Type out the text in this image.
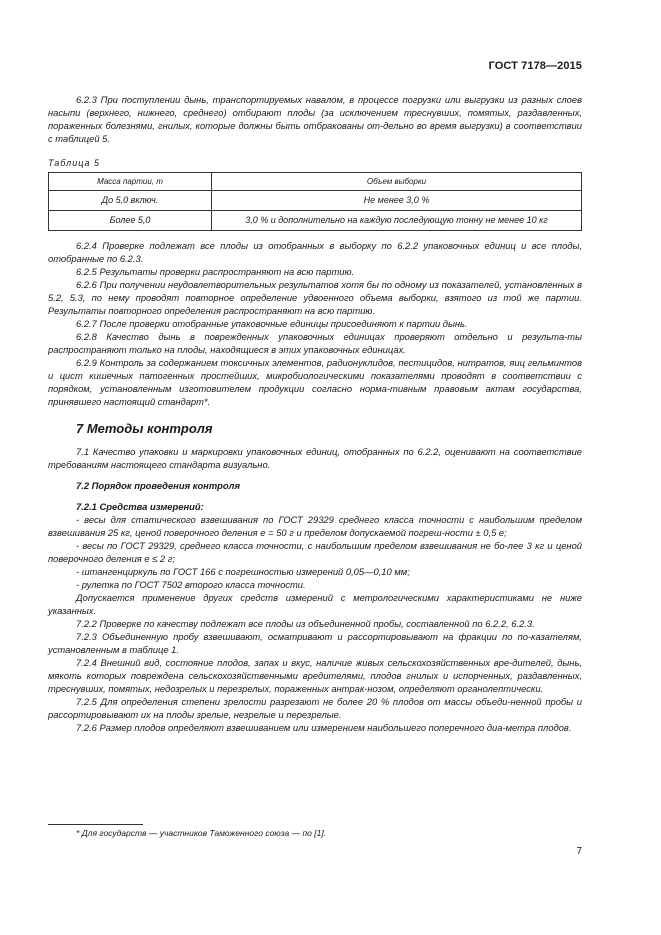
ГОСТ 7178—2015

6.2.3 При поступлении дынь, транспортируемых навалом, в процессе погрузки или выгрузки из разных слоев насыпи (верхнего, нижнего, среднего) отбирают плоды (за исключением треснувших, помятых, раздавленных, пораженных болезнями, гнилых, которые должны быть отбракованы от-дельно во время выгрузки) в соответствии с таблицей 5.

Таблица 5

Масса партии, т	Объем выборки
До 5,0 включ.	Не менее 3,0 %
Более 5,0	3,0 % и дополнительно на каждую последующую тонну не менее 10 кг

6.2.4 Проверке подлежат все плоды из отобранных в выборку по 6.2.2 упаковочных единиц и все плоды, отобранные по 6.2.3.

6.2.5 Результаты проверки распространяют на всю партию.

6.2.6 При получении неудовлетворительных результатов хотя бы по одному из показателей, установленных в 5.2, 5.3, по нему проводят повторное определение удвоенного объема выборки, взятого из той же партии. Результаты повторного определения распространяют на всю партию.

6.2.7 После проверки отобранные упаковочные единицы присоединяют к партии дынь.

6.2.8 Качество дынь в поврежденных упаковочных единицах проверяют отдельно и результа-ты распространяют только на плоды, находящиеся в этих упаковочных единицах.

6.2.9 Контроль за содержанием токсичных элементов, радионуклидов, пестицидов, нитратов, яиц гельминтов и цист кишечных патогенных простейших, микробиологическими показателями проводят в соответствии с порядком, установленным изготовителем продукции согласно норма-тивным правовым актам государства, принявшего настоящий стандарт*.

7 Методы контроля

7.1 Качество упаковки и маркировки упаковочных единиц, отобранных по 6.2.2, оценивают на соответствие требованиям настоящего стандарта визуально.

7.2 Порядок проведения контроля

7.2.1 Средства измерений:

- весы для статического взвешивания по ГОСТ 29329 среднего класса точности с наибольшим пределом взвешивания 25 кг, ценой поверочного деления е = 50 г и пределом допускаемой погреш-ности ± 0,5 е;

- весы по ГОСТ 29329, среднего класса точности, с наибольшим пределом взвешивания не бо-лее 3 кг и ценой поверочного деления е ≤ 2 г;

- штангенциркуль по ГОСТ 166 с погрешностью измерений 0,05—0,10 мм;

- рулетка по ГОСТ 7502 второго класса точности.

Допускается применение других средств измерений с метрологическими характеристиками не ниже указанных.

7.2.2 Проверке по качеству подлежат все плоды из объединенной пробы, составленной по 6.2.2, 6.2.3.

7.2.3 Объединенную пробу взвешивают, осматривают и рассортировывают на фракции по по-казателям, установленным в таблице 1.

7.2.4 Внешний вид, состояние плодов, запах и вкус, наличие живых сельскохозяйственных вре-дителей, дынь, мякоть которых повреждена сельскохозяйственными вредителями, плодов гнилых и испорченных, раздавленных, треснувших, помятых, недозрелых и перезрелых, пораженных антрак-нозом, определяют органолептически.

7.2.5 Для определения степени зрелости разрезают не более 20 % плодов от массы объеди-ненной пробы и рассортировывают их на плоды зрелые, незрелые и перезрелые.

7.2.6 Размер плодов определяют взвешиванием или измерением наибольшего поперечного диа-метра плодов.

* Для государств — участников Таможенного союза — по [1].
7
